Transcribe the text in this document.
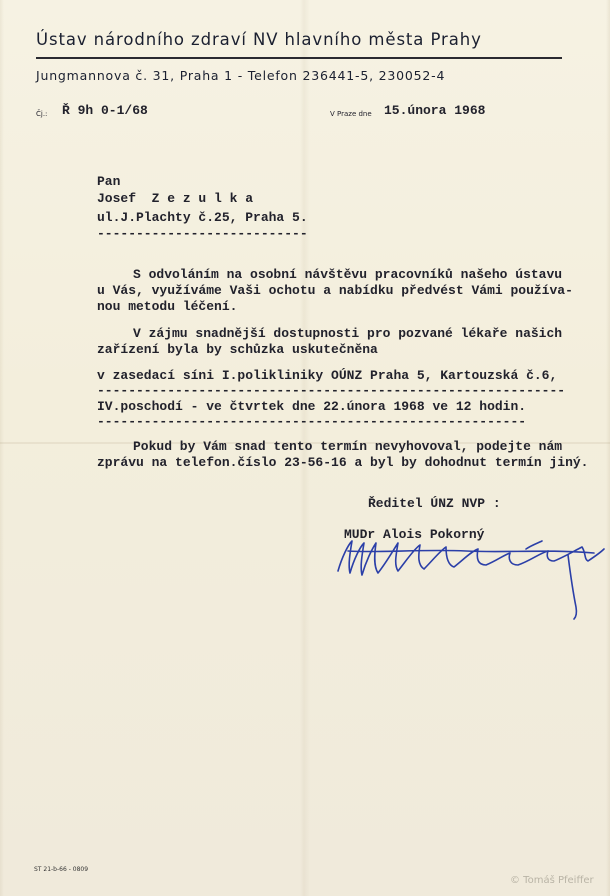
Ústav národního zdraví NV hlavního města Prahy
Jungmannova č. 31, Praha 1 - Telefon 236441-5, 230052-4
Čj.: Ř 9h 0-1/68	V Praze dne 15.února 1968
Pan
Josef  Z e z u l k a
ul.J.Plachty č.25, Praha 5.
---------------------------
S odvoláním na osobní návštěvu pracovníků našeho ústavu
u Vás, využíváme Vaši ochotu a nabídku předvést Vámi používa-
nou metodu léčení.
V zájmu snadnější dostupnosti pro pozvané lékaře našich
zařízení byla by schůzka uskutečněna
v zasedací síni I.polikliniky OÚNZ Praha 5, Kartouzská č.6,
------------------------------------------------------------
IV.poschodí - ve čtvrtek dne 22.února 1968 ve 12 hodin.
-------------------------------------------------------
Pokud by Vám snad tento termín nevyhovoval, podejte nám
zprávu na telefon.číslo 23-56-16 a byl by dohodnut termín jiný.
Ředitel ÚNZ NVP :
MUDr Alois Pokorný
ST 21-b-66 - 0809
© Tomáš Pfeiffer
